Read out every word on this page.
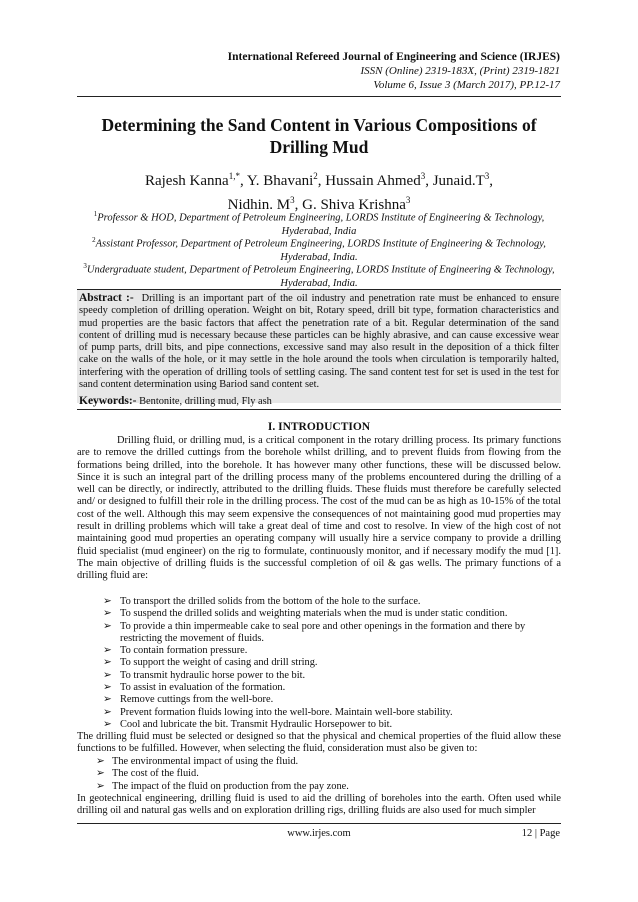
International Refereed Journal of Engineering and Science (IRJES)
ISSN (Online) 2319-183X, (Print) 2319-1821
Volume 6, Issue 3 (March 2017), PP.12-17
Determining the Sand Content in Various Compositions of Drilling Mud
Rajesh Kanna$^{1,*}$, Y. Bhavani$^2$, Hussain Ahmed$^3$, $Junaid.T^3$,
Nidhin. $M^3$, G. Shiva Krishna$^3$
$^1$Professor & HOD, Department of Petroleum Engineering, LORDS Institute of Engineering & Technology, Hyderabad, India
$^2$Assistant Professor, Department of Petroleum Engineering, LORDS Institute of Engineering & Technology, Hyderabad, India.
$^3$Undergraduate student, Department of Petroleum Engineering, LORDS Institute of Engineering & Technology, Hyderabad, India.
Abstract :- Drilling is an important part of the oil industry and penetration rate must be enhanced to ensure speedy completion of drilling operation. Weight on bit, Rotary speed, drill bit type, formation characteristics and mud properties are the basic factors that affect the penetration rate of a bit. Regular determination of the sand content of drilling mud is necessary because these particles can be highly abrasive, and can cause excessive wear of pump parts, drill bits, and pipe connections, excessive sand may also result in the deposition of a thick filter cake on the walls of the hole, or it may settle in the hole around the tools when circulation is temporarily halted, interfering with the operation of drilling tools of settling casing. The sand content test for set is used in the test for sand content determination using Bariod sand content set.
Keywords:- Bentonite, drilling mud, Fly ash
I. INTRODUCTION
Drilling fluid, or drilling mud, is a critical component in the rotary drilling process. Its primary functions are to remove the drilled cuttings from the borehole whilst drilling, and to prevent fluids from flowing from the formations being drilled, into the borehole. It has however many other functions, these will be discussed below. Since it is such an integral part of the drilling process many of the problems encountered during the drilling of a well can be directly, or indirectly, attributed to the drilling fluids. These fluids must therefore be carefully selected and/ or designed to fulfill their role in the drilling process. The cost of the mud can be as high as 10-15% of the total cost of the well. Although this may seem expensive the consequences of not maintaining good mud properties may result in drilling problems which will take a great deal of time and cost to resolve. In view of the high cost of not maintaining good mud properties an operating company will usually hire a service company to provide a drilling fluid specialist (mud engineer) on the rig to formulate, continuously monitor, and if necessary modify the mud [1]. The main objective of drilling fluids is the successful completion of oil & gas wells. The primary functions of a drilling fluid are:
➢ To transport the drilled solids from the bottom of the hole to the surface.
➢ To suspend the drilled solids and weighting materials when the mud is under static condition.
➢ To provide a thin impermeable cake to seal pore and other openings in the formation and there by restricting the movement of fluids.
➢ To contain formation pressure.
➢ To support the weight of casing and drill string.
➢ To transmit hydraulic horse power to the bit.
➢ To assist in evaluation of the formation.
➢ Remove cuttings from the well-bore.
➢ Prevent formation fluids lowing into the well-bore. Maintain well-bore stability.
➢ Cool and lubricate the bit. Transmit Hydraulic Horsepower to bit.
The drilling fluid must be selected or designed so that the physical and chemical properties of the fluid allow these functions to be fulfilled. However, when selecting the fluid, consideration must also be given to:
➢ The environmental impact of using the fluid.
➢ The cost of the fluid.
➢ The impact of the fluid on production from the pay zone.
In geotechnical engineering, drilling fluid is used to aid the drilling of boreholes into the earth. Often used while drilling oil and natural gas wells and on exploration drilling rigs, drilling fluids are also used for much simpler
www.irjes.com	12 | Page
